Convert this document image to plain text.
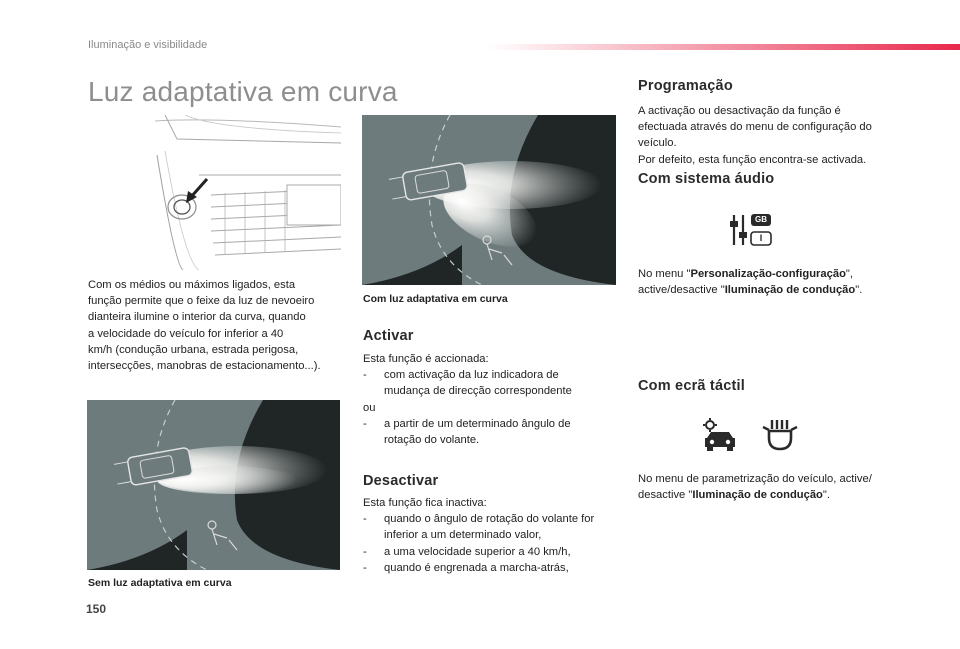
Iluminação e visibilidade
Luz adaptativa em curva
Com os médios ou máximos ligados, esta
função permite que o feixe da luz de nevoeiro
dianteira ilumine o interior da curva, quando
a velocidade do veículo for inferior a 40
km/h (condução urbana, estrada perigosa,
intersecções, manobras de estacionamento...).
Sem luz adaptativa em curva
Com luz adaptativa em curva
Activar
Esta função é accionada:
- com activação da luz indicadora de
mudança de direcção correspondente
ou
- a partir de um determinado ângulo de
rotação do volante.
Desactivar
Esta função fica inactiva:
- quando o ângulo de rotação do volante for
inferior a um determinado valor,
- a uma velocidade superior a 40 km/h,
- quando é engrenada a marcha-atrás,
Programação
A activação ou desactivação da função é
efectuada através do menu de configuração do
veículo.
Por defeito, esta função encontra-se activada.
Com sistema áudio
GB
I
No menu "Personalização-configuração",
active/desactive "Iluminação de condução".
Com ecrã táctil
No menu de parametrização do veículo, active/
desactive "Iluminação de condução".
150
